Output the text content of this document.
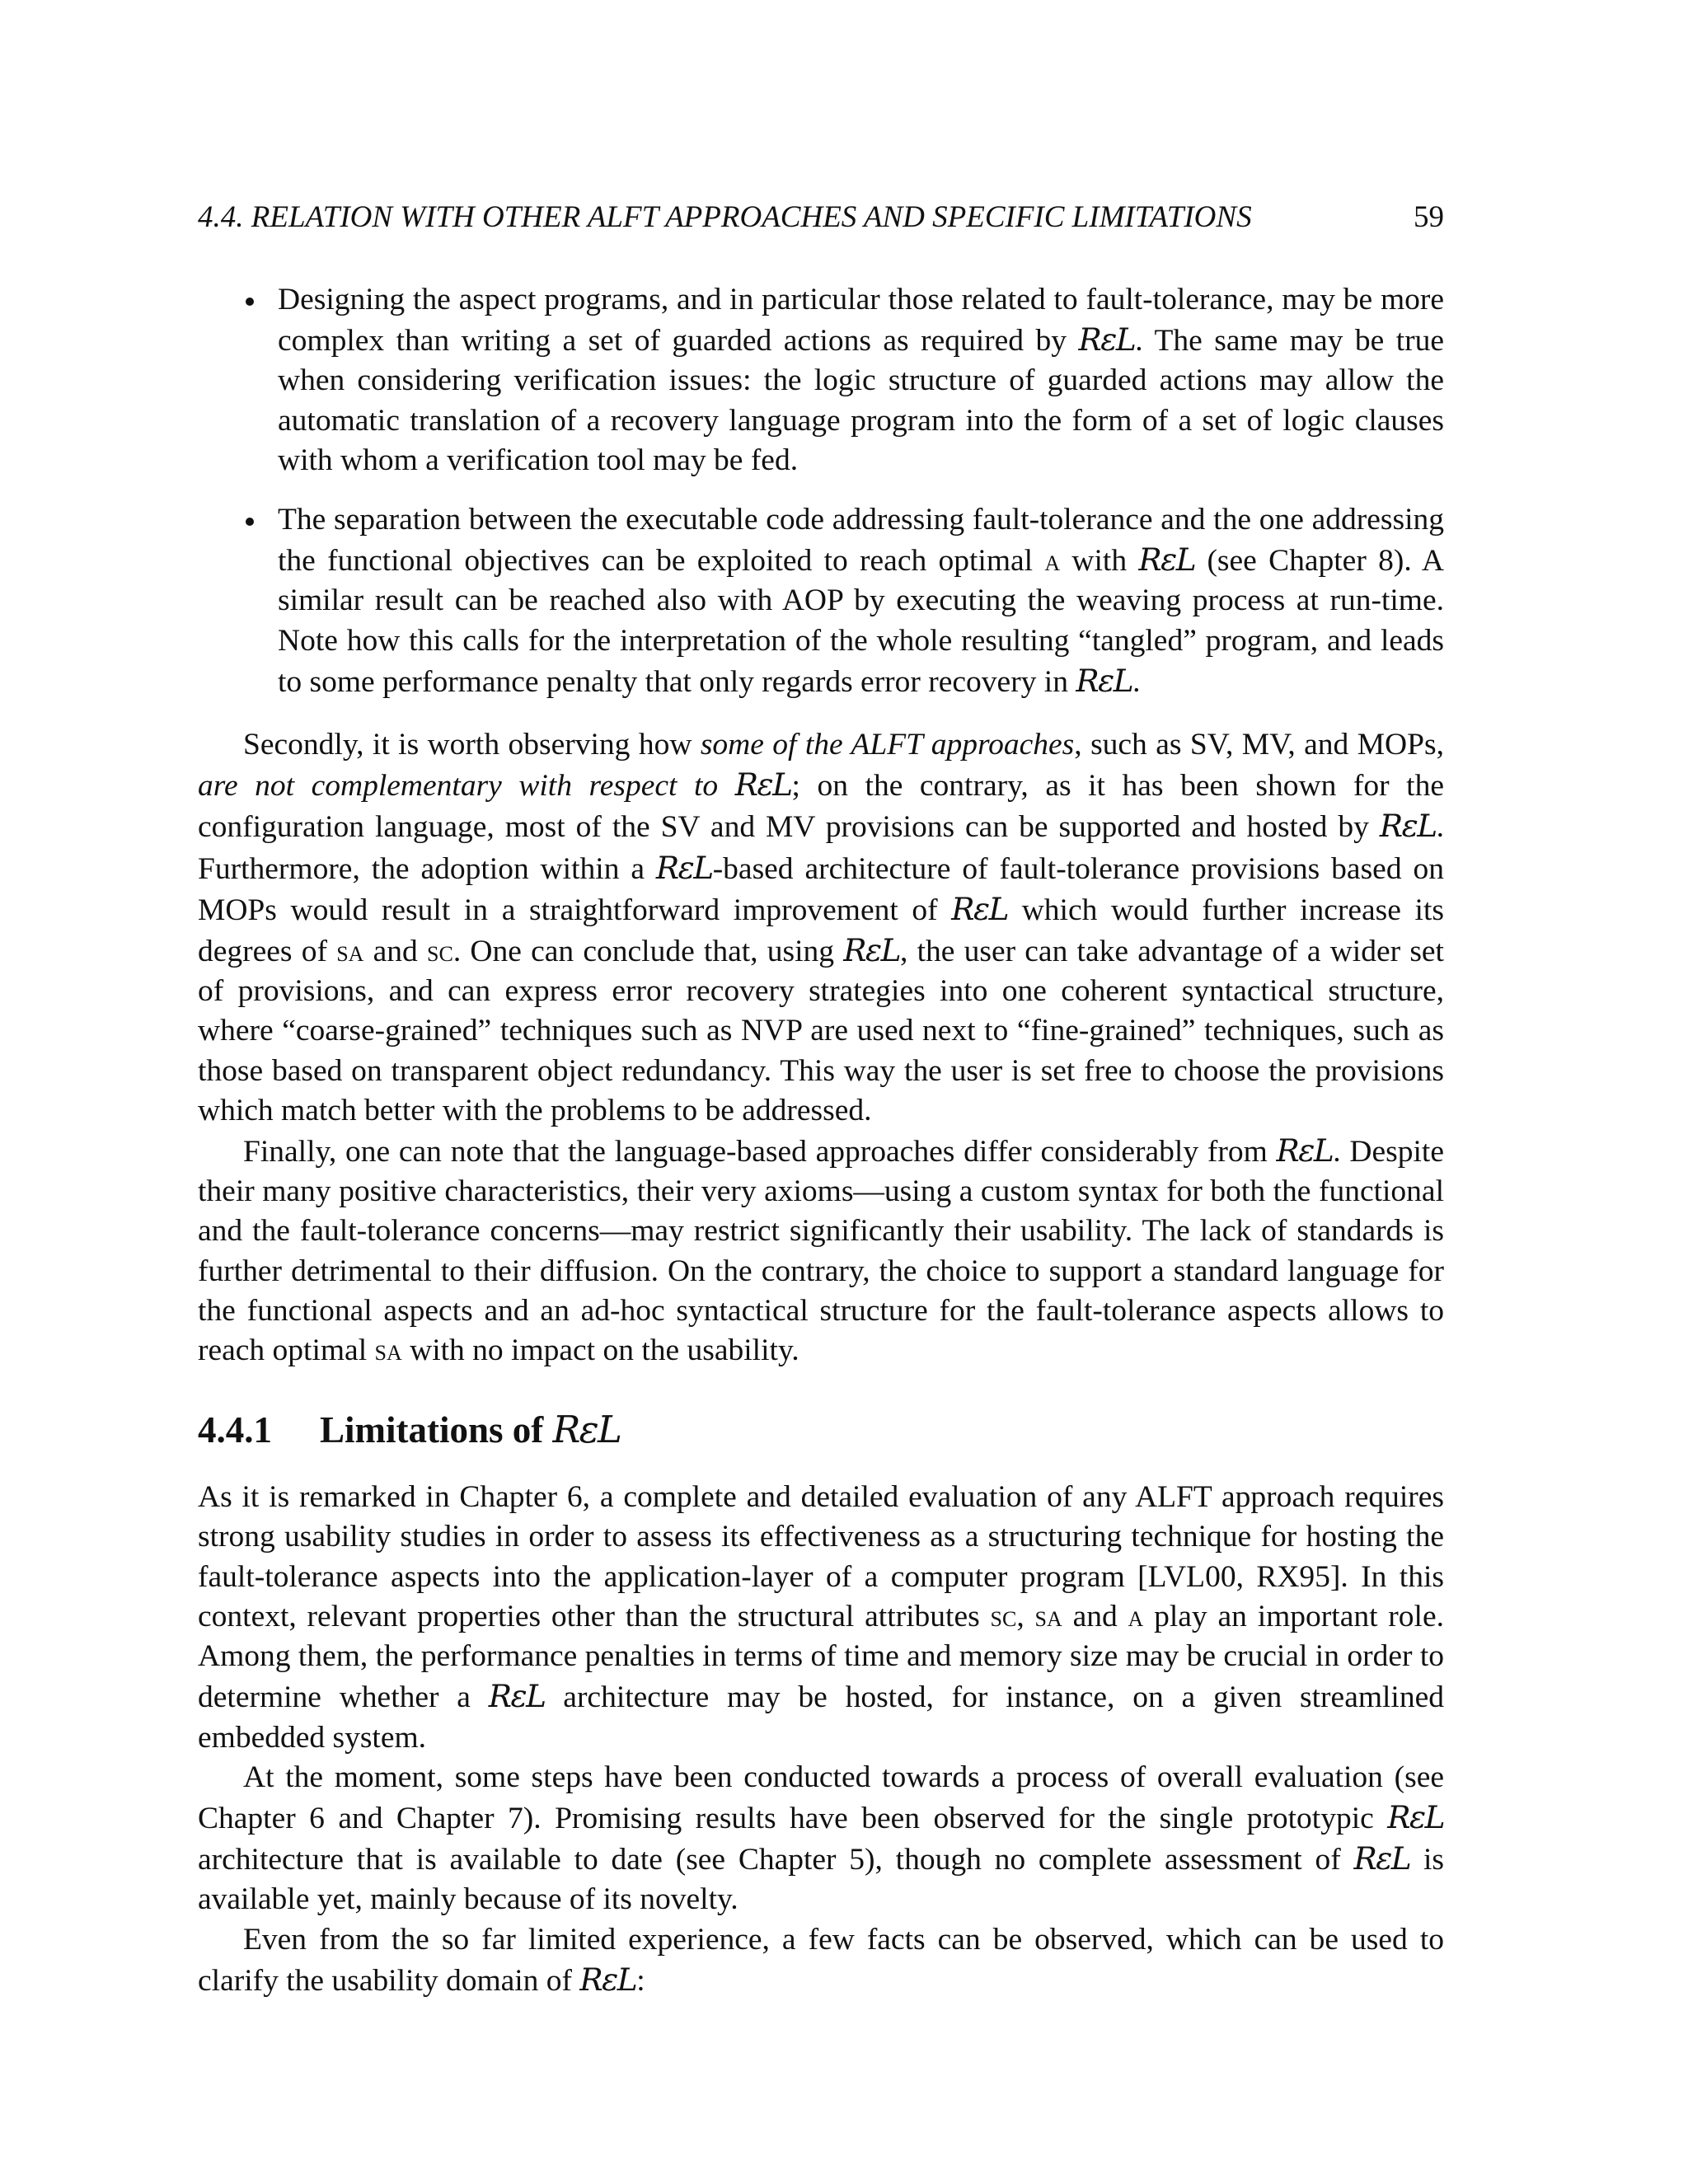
4.4. RELATION WITH OTHER ALFT APPROACHES AND SPECIFIC LIMITATIONS	59
Designing the aspect programs, and in particular those related to fault-tolerance, may be more complex than writing a set of guarded actions as required by RεL. The same may be true when considering verification issues: the logic structure of guarded actions may allow the automatic translation of a recovery language program into the form of a set of logic clauses with whom a verification tool may be fed.
The separation between the executable code addressing fault-tolerance and the one addressing the functional objectives can be exploited to reach optimal a with RεL (see Chapter 8). A similar result can be reached also with AOP by executing the weaving process at run-time. Note how this calls for the interpretation of the whole resulting “tangled” program, and leads to some performance penalty that only regards error recovery in RεL.

Secondly, it is worth observing how some of the ALFT approaches, such as SV, MV, and MOPs, are not complementary with respect to RεL; on the contrary, as it has been shown for the configuration language, most of the SV and MV provisions can be supported and hosted by RεL. Furthermore, the adoption within a RεL-based architecture of fault-tolerance provisions based on MOPs would result in a straightforward improvement of RεL which would further increase its degrees of sa and sc. One can conclude that, using RεL, the user can take advantage of a wider set of provisions, and can express error recovery strategies into one coherent syntactical structure, where “coarse-grained” techniques such as NVP are used next to “fine-grained” techniques, such as those based on transparent object redundancy. This way the user is set free to choose the provisions which match better with the problems to be addressed.

Finally, one can note that the language-based approaches differ considerably from RεL. Despite their many positive characteristics, their very axioms—using a custom syntax for both the functional and the fault-tolerance concerns—may restrict significantly their usability. The lack of standards is further detrimental to their diffusion. On the contrary, the choice to support a standard language for the functional aspects and an ad-hoc syntactical structure for the fault-tolerance aspects allows to reach optimal sa with no impact on the usability.

4.4.1 Limitations of RεL

As it is remarked in Chapter 6, a complete and detailed evaluation of any ALFT approach requires strong usability studies in order to assess its effectiveness as a structuring technique for hosting the fault-tolerance aspects into the application-layer of a computer program [LVL00, RX95]. In this context, relevant properties other than the structural attributes sc, sa and a play an important role. Among them, the performance penalties in terms of time and memory size may be crucial in order to determine whether a RεL architecture may be hosted, for instance, on a given streamlined embedded system.

At the moment, some steps have been conducted towards a process of overall evaluation (see Chapter 6 and Chapter 7). Promising results have been observed for the single prototypic RεL architecture that is available to date (see Chapter 5), though no complete assessment of RεL is available yet, mainly because of its novelty.

Even from the so far limited experience, a few facts can be observed, which can be used to clarify the usability domain of RεL:
